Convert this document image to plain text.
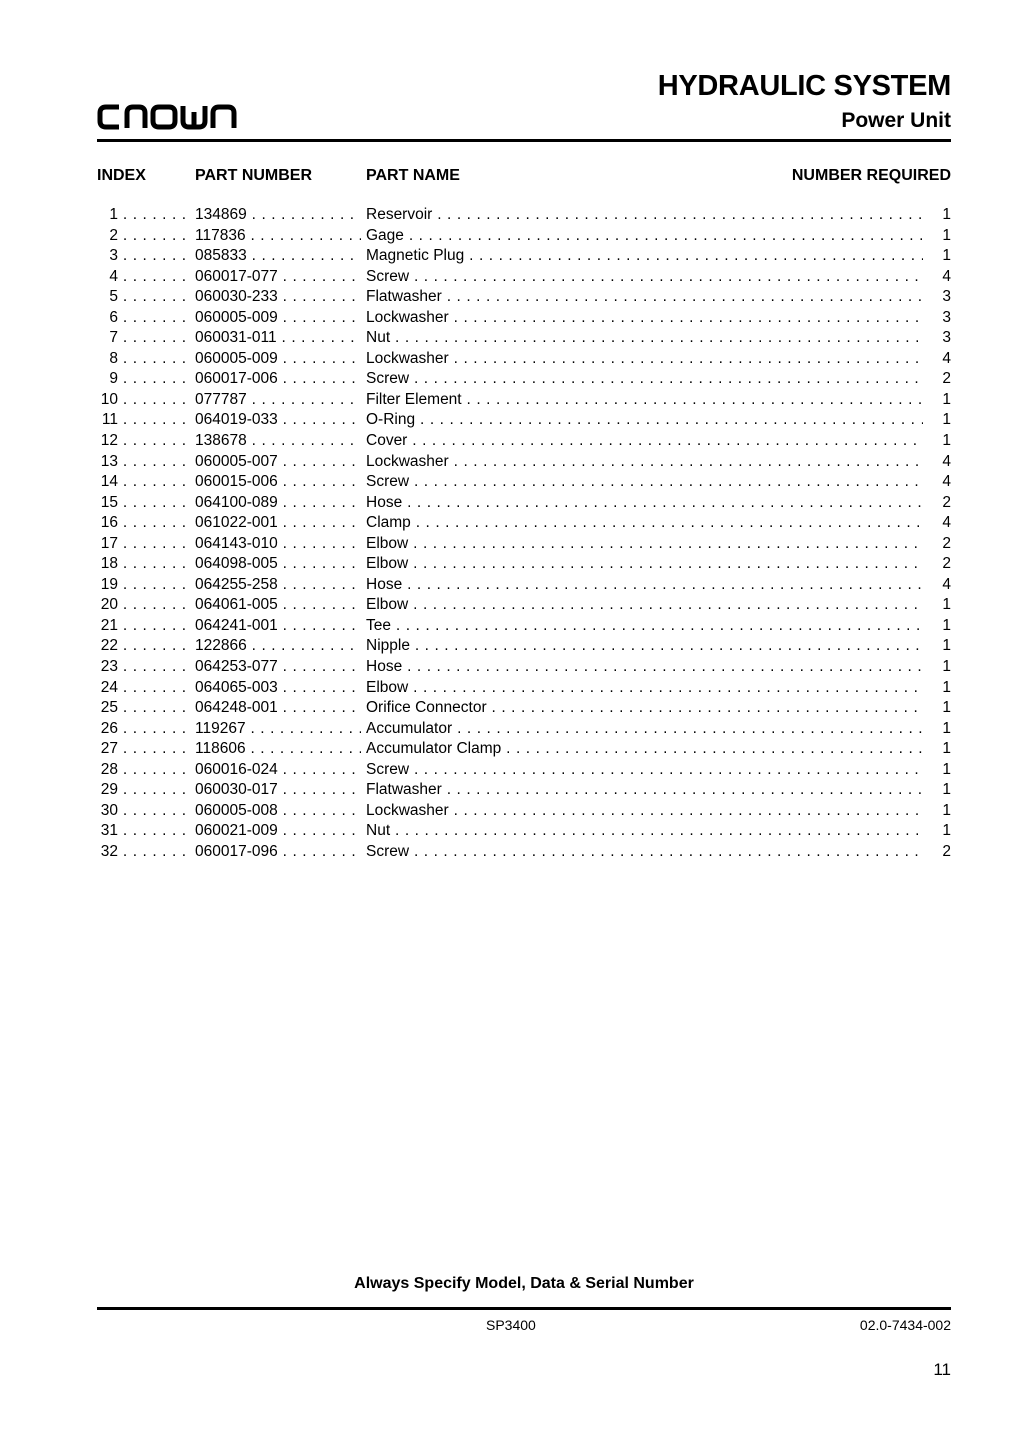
HYDRAULIC SYSTEM
Power Unit
INDEX	PART NUMBER	PART NAME	NUMBER REQUIRED
1 . . .	134869 . . .	Reservoir . . .	1
2 . . .	117836 . . .	Gage . . .	1
3 . . .	085833 . . .	Magnetic Plug . . .	1
4 . . .	060017-077 . . .	Screw . . .	4
5 . . .	060030-233 . . .	Flatwasher . . .	3
6 . . .	060005-009 . . .	Lockwasher . . .	3
7 . . .	060031-011 . . .	Nut . . .	3
8 . . .	060005-009 . . .	Lockwasher . . .	4
9 . . .	060017-006 . . .	Screw . . .	2
10 . . .	077787 . . .	Filter Element . . .	1
11 . . .	064019-033 . . .	O-Ring . . .	1
12 . . .	138678 . . .	Cover . . .	1
13 . . .	060005-007 . . .	Lockwasher . . .	4
14 . . .	060015-006 . . .	Screw . . .	4
15 . . .	064100-089 . . .	Hose . . .	2
16 . . .	061022-001 . . .	Clamp . . .	4
17 . . .	064143-010 . . .	Elbow . . .	2
18 . . .	064098-005 . . .	Elbow . . .	2
19 . . .	064255-258 . . .	Hose . . .	4
20 . . .	064061-005 . . .	Elbow . . .	1
21 . . .	064241-001 . . .	Tee . . .	1
22 . . .	122866 . . .	Nipple . . .	1
23 . . .	064253-077 . . .	Hose . . .	1
24 . . .	064065-003 . . .	Elbow . . .	1
25 . . .	064248-001 . . .	Orifice Connector . . .	1
26 . . .	119267 . . .	Accumulator . . .	1
27 . . .	118606 . . .	Accumulator Clamp . . .	1
28 . . .	060016-024 . . .	Screw . . .	1
29 . . .	060030-017 . . .	Flatwasher . . .	1
30 . . .	060005-008 . . .	Lockwasher . . .	1
31 . . .	060021-009 . . .	Nut . . .	1
32 . . .	060017-096 . . .	Screw . . .	2
Always Specify Model, Data & Serial Number
SP3400	02.0-7434-002
11
